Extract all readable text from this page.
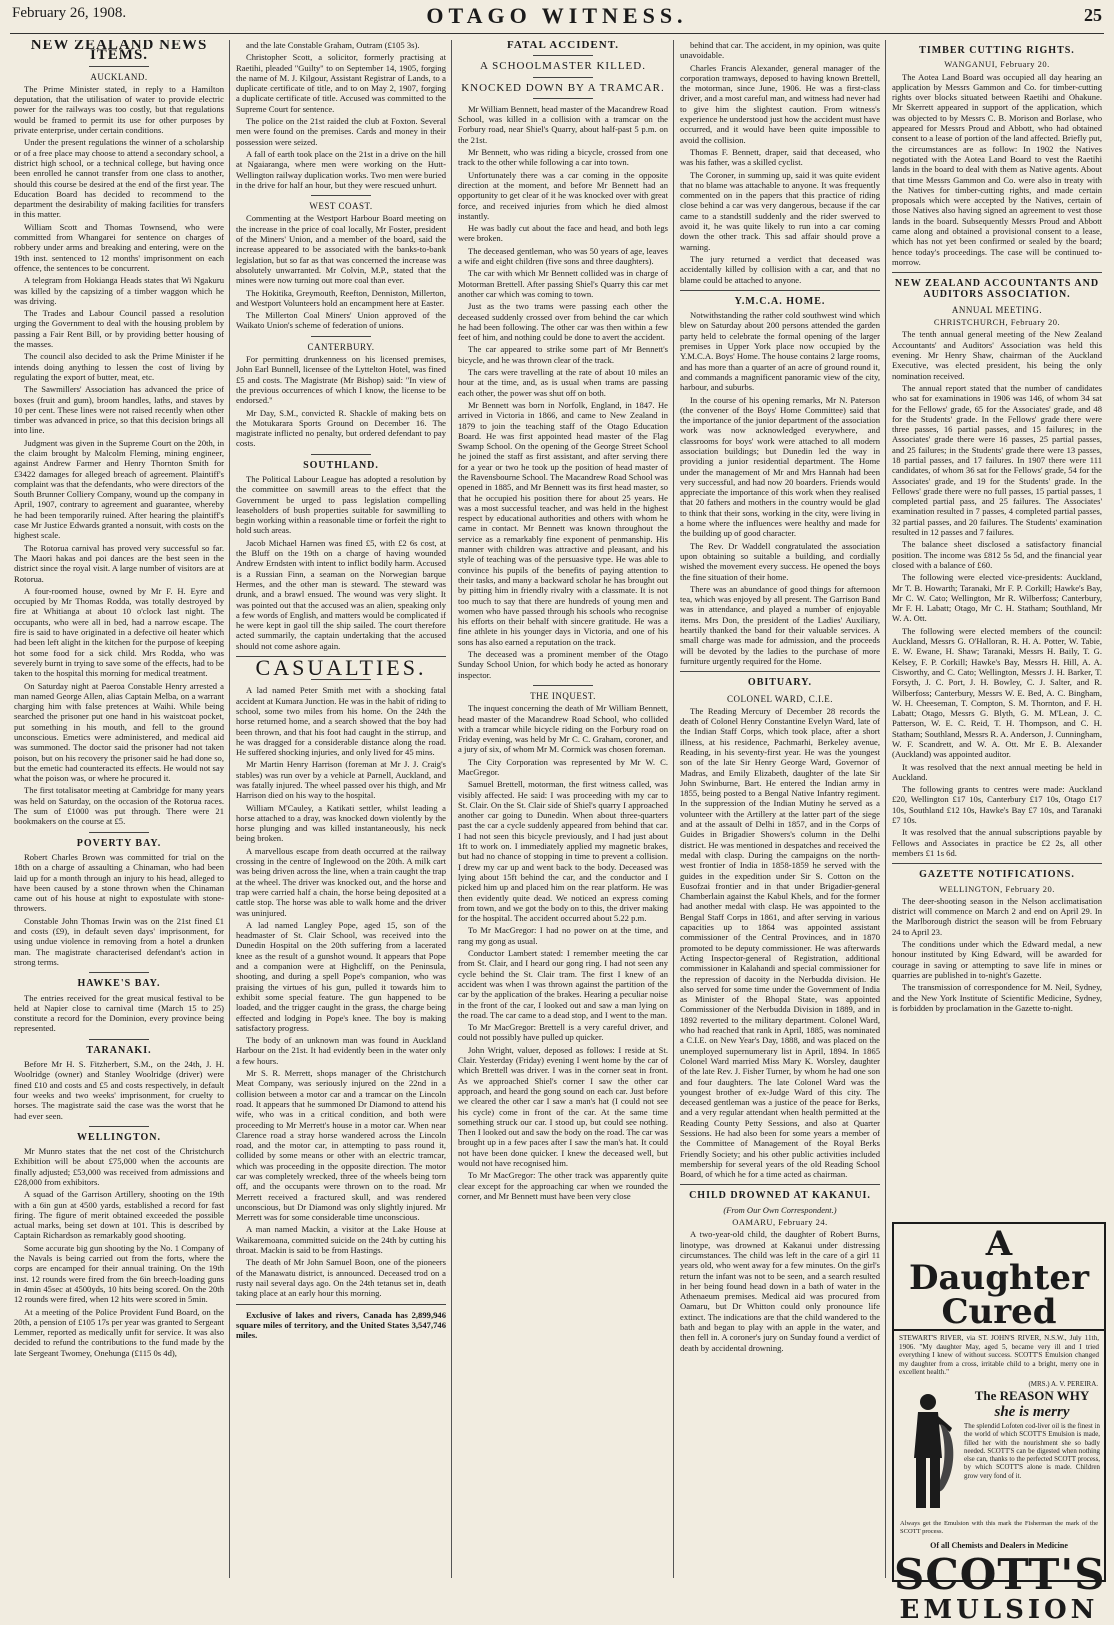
February 26, 1908.	OTAGO WITNESS.	25
NEW ZEALAND NEWS ITEMS.
AUCKLAND.

The Prime Minister stated, in reply to a Hamilton deputation, that the utilisation of water to provide electric power for the railways was too costly, but that regulations would be framed to permit its use for other purposes by private enterprise, under certain conditions.

Under the present regulations the winner of a scholarship or of a free place may choose to attend a secondary school, a district high school, or a technical college, but having once been enrolled he cannot transfer from one class to another, should this course be desired at the end of the first year. The Education Board has decided to recommend to the department the desirability of making facilities for transfers in this matter.

William Scott and Thomas Townsend, who were committed from Whangarei for sentence on charges of robbery under arms and breaking and entering, were on the 19th inst. sentenced to 12 months' imprisonment on each offence, the sentences to be concurrent.

A telegram from Hokianga Heads states that Wi Ngakuru was killed by the capsizing of a timber waggon which he was driving.

The Trades and Labour Council passed a resolution urging the Government to deal with the housing problem by passing a Fair Rent Bill, or by providing better housing of the masses.

The council also decided to ask the Prime Minister if he intends doing anything to lessen the cost of living by regulating the export of butter, meat, etc.

The Sawmillers' Association has advanced the price of boxes (fruit and gum), broom handles, laths, and staves by 10 per cent. These lines were not raised recently when other timber was advanced in price, so that this decision brings all into line.

Judgment was given in the Supreme Court on the 20th, in the claim brought by Malcolm Fleming, mining engineer, against Andrew Farmer and Henry Thornton Smith for £3422 damages for alleged breach of agreement. Plaintiff's complaint was that the defendants, who were directors of the South Brunner Colliery Company, wound up the company in April, 1907, contrary to agreement and guarantee, whereby he had been temporarily ruined. After hearing the plaintiff's case Mr Justice Edwards granted a nonsuit, with costs on the highest scale.

The Rotorua carnival has proved very successful so far. The Maori hakas and poi dances are the best seen in the district since the royal visit. A large number of visitors are at Rotorua.

A four-roomed house, owned by Mr F. H. Eyre and occupied by Mr Thomas Rodda, was totally destroyed by fire at Whitianga at about 10 o'clock last night. The occupants, who were all in bed, had a narrow escape. The fire is said to have originated in a defective oil heater which had been left alight in the kitchen for the purpose of keeping hot some food for a sick child. Mrs Rodda, who was severely burnt in trying to save some of the effects, had to be taken to the hospital this morning for medical treatment.

On Saturday night at Paeroa Constable Henry arrested a man named George Allen, alias Captain Melba, on a warrant charging him with false pretences at Waihi. While being searched the prisoner put one hand in his waistcoat pocket, put something in his mouth, and fell to the ground unconscious. Emetics were administered, and medical aid was summoned. The doctor said the prisoner had not taken poison, but on his recovery the prisoner said he had done so, but the emetic had counteracted its effects. He would not say what the poison was, or where he procured it.

The first totalisator meeting at Cambridge for many years was held on Saturday, on the occasion of the Rotorua races. The sum of £1000 was put through. There were 21 bookmakers on the course at £5.

POVERTY BAY.

Robert Charles Brown was committed for trial on the 18th on a charge of assaulting a Chinaman, who had been laid up for a month through an injury to his head, alleged to have been caused by a stone thrown when the Chinaman came out of his house at night to expostulate with stone-throwers.

Constable John Thomas Irwin was on the 21st fined £1 and costs (£9), in default seven days' imprisonment, for using undue violence in removing from a hotel a drunken man. The magistrate characterised defendant's action in strong terms.

HAWKE'S BAY.

The entries received for the great musical festival to be held at Napier close to carnival time (March 15 to 25) constitute a record for the Dominion, every province being represented.

TARANAKI.

Before Mr H. S. Fitzherbert, S.M., on the 24th, J. H. Woolridge (owner) and Stanley Woolridge (driver) were fined £10 and costs and £5 and costs respectively, in default four weeks and two weeks' imprisonment, for cruelty to horses. The magistrate said the case was the worst that he had ever seen.

WELLINGTON.

Mr Munro states that the net cost of the Christchurch Exhibition will be about £75,000 when the accounts are finally adjusted; £53,000 was received from admissions and £28,000 from exhibitors.

A squad of the Garrison Artillery, shooting on the 19th with a 6in gun at 4500 yards, established a record for fast firing. The figure of merit obtained exceeded the possible actual marks, being set down at 101. This is described by Captain Richardson as remarkably good shooting.

Some accurate big gun shooting by the No. 1 Company of the Navals is being carried out from the forts, where the corps are encamped for their annual training. On the 19th inst. 12 rounds were fired from the 6in breech-loading guns in 4min 45sec at 4500yds, 10 hits being scored. On the 20th 12 rounds were fired, when 12 hits were scored in 5min.

At a meeting of the Police Provident Fund Board, on the 20th, a pension of £105 17s per year was granted to Sergeant Lemmer, reported as medically unfit for service. It was also decided to refund the contributions to the fund made by the late Sergeant Twomey, Onehunga (£115 0s 4d),

and the late Constable Graham, Outram (£105 3s).

Christopher Scott, a solicitor, formerly practising at Raetihi, pleaded "Guilty" to on September 14, 1905, forging the name of M. J. Kilgour, Assistant Registrar of Lands, to a duplicate certificate of title, and to on May 2, 1907, forging a duplicate certificate of title. Accused was committed to the Supreme Court for sentence.

The police on the 21st raided the club at Foxton. Several men were found on the premises. Cards and money in their possession were seized.

A fall of earth took place on the 21st in a drive on the hill at Ngaiaranga, where men were working on the Hutt-Wellington railway duplication works. Two men were buried in the drive for half an hour, but they were rescued unhurt.

WEST COAST.

Commenting at the Westport Harbour Board meeting on the increase in the price of coal locally, Mr Foster, president of the Miners' Union, and a member of the board, said the increase appeared to be associated with the banks-to-bank legislation, but so far as that was concerned the increase was absolutely unwarranted. Mr Colvin, M.P., stated that the mines were now turning out more coal than ever.

The Hokitika, Greymouth, Reefton, Denniston, Millerton, and Westport Volunteers hold an encampment here at Easter.

The Millerton Coal Miners' Union approved of the Waikato Union's scheme of federation of unions.

CANTERBURY.

For permitting drunkenness on his licensed premises, John Earl Bunnell, licensee of the Lyttelton Hotel, was fined £5 and costs. The Magistrate (Mr Bishop) said: "In view of the previous occurrences of which I know, the license to be endorsed."

Mr Day, S.M., convicted R. Shackle of making bets on the Motukarara Sports Ground on December 16. The magistrate inflicted no penalty, but ordered defendant to pay costs.

SOUTHLAND.

The Political Labour League has adopted a resolution by the committee on sawmill areas to the effect that the Government be urged to pass legislation compelling leaseholders of bush properties suitable for sawmilling to begin working within a reasonable time or forfeit the right to hold such areas.

Jacob Michael Harnen was fined £5, with £2 6s cost, at the Bluff on the 19th on a charge of having wounded Andrew Erndsten with intent to inflict bodily harm. Accused is a Russian Finn, a seaman on the Norwegian barque Hermes, and the other man is steward. The steward was drunk, and a brawl ensued. The wound was very slight. It was pointed out that the accused was an alien, speaking only a few words of English, and matters would be complicated if he were kept in gaol till the ship sailed. The court therefore acted summarily, the captain undertaking that the accused should not come ashore again.

CASUALTIES.

A lad named Peter Smith met with a shocking fatal accident at Kumara Junction. He was in the habit of riding to school, some two miles from his home. On the 24th the horse returned home, and a search showed that the boy had been thrown, and that his foot had caught in the stirrup, and he was dragged for a considerable distance along the road. He suffered shocking injuries, and only lived for 45 mins.

Mr Martin Henry Harrison (foreman at Mr J. J. Craig's stables) was run over by a vehicle at Parnell, Auckland, and was fatally injured. The wheel passed over his thigh, and Mr Harrison died on his way to the hospital.

William M'Cauley, a Katikati settler, whilst leading a horse attached to a dray, was knocked down violently by the horse plunging and was killed instantaneously, his neck being broken.

A marvellous escape from death occurred at the railway crossing in the centre of Inglewood on the 20th. A milk cart was being driven across the line, when a train caught the trap at the wheel. The driver was knocked out, and the horse and trap were carried half a chain, the horse being deposited at a cattle stop. The horse was able to walk home and the driver was uninjured.

A lad named Langley Pope, aged 15, son of the headmaster of St. Clair School, was received into the Dunedin Hospital on the 20th suffering from a lacerated knee as the result of a gunshot wound. It appears that Pope and a companion were at Highcliff, on the Peninsula, shooting, and during a spell Pope's companion, who was praising the virtues of his gun, pulled it towards him to exhibit some special feature. The gun happened to be loaded, and the trigger caught in the grass, the charge being effected and lodging in Pope's knee. The boy is making satisfactory progress.

The body of an unknown man was found in Auckland Harbour on the 21st. It had evidently been in the water only a few hours.

Mr S. R. Merrett, shops manager of the Christchurch Meat Company, was seriously injured on the 22nd in a collision between a motor car and a tramcar on the Lincoln road. It appears that he summoned Dr Diamond to attend his wife, who was in a critical condition, and both were proceeding to Mr Merrett's house in a motor car. When near Clarence road a stray horse wandered across the Lincoln road, and the motor car, in attempting to pass round it, collided by some means or other with an electric tramcar, which was proceeding in the opposite direction. The motor car was completely wrecked, three of the wheels being torn off, and the occupants were thrown on to the road. Mr Merrett received a fractured skull, and was rendered unconscious, but Dr Diamond was only slightly injured. Mr Merrett was for some considerable time unconscious.

A man named Mackin, a visitor at the Lake House at Waikaremoana, committed suicide on the 24th by cutting his throat. Mackin is said to be from Hastings.

The death of Mr John Samuel Boon, one of the pioneers of the Manawatu district, is announced. Deceased trod on a rusty nail several days ago. On the 24th tetanus set in, death taking place at an early hour this morning.

Exclusive of lakes and rivers, Canada has 2,899,946 square miles of territory, and the United States 3,547,746 miles.

FATAL ACCIDENT.
A SCHOOLMASTER KILLED.
KNOCKED DOWN BY A TRAMCAR.

Mr William Bennett, head master of the Macandrew Road School, was killed in a collision with a tramcar on the Forbury road, near Shiel's Quarry, about half-past 5 p.m. on the 21st.

Mr Bennett, who was riding a bicycle, crossed from one track to the other while following a car into town.

Unfortunately there was a car coming in the opposite direction at the moment, and before Mr Bennett had an opportunity to get clear of it he was knocked over with great force, and received injuries from which he died almost instantly.

He was badly cut about the face and head, and both legs were broken.

The deceased gentleman, who was 50 years of age, leaves a wife and eight children (five sons and three daughters).

The car with which Mr Bennett collided was in charge of Motorman Brettell. After passing Shiel's Quarry this car met another car which was coming to town.

Just as the two trams were passing each other the deceased suddenly crossed over from behind the car which he had been following. The other car was then within a few feet of him, and nothing could be done to avert the accident.

The car appeared to strike some part of Mr Bennett's bicycle, and he was thrown clear of the track.

The cars were travelling at the rate of about 10 miles an hour at the time, and, as is usual when trams are passing each other, the power was shut off on both.

Mr Bennett was born in Norfolk, England, in 1847. He arrived in Victoria in 1866, and came to New Zealand in 1879 to join the teaching staff of the Otago Education Board. He was first appointed head master of the Flag Swamp School. On the opening of the George Street School he joined the staff as first assistant, and after serving there for a year or two he took up the position of head master of the Ravensbourne School. The Macandrew Road School was opened in 1885, and Mr Bennett was its first head master, so that he occupied his position there for about 25 years. He was a most successful teacher, and was held in the highest respect by educational authorities and others with whom he came in contact. Mr Bennett was known throughout the service as a remarkably fine exponent of penmanship. His manner with children was attractive and pleasant, and his style of teaching was of the persuasive type. He was able to convince his pupils of the benefits of paying attention to their tasks, and many a backward scholar he has brought out by pitting him in friendly rivalry with a classmate. It is not too much to say that there are hundreds of young men and women who have passed through his schools who recognise his efforts on their behalf with sincere gratitude. He was a fine athlete in his younger days in Victoria, and one of his sons has also earned a reputation on the track.

The deceased was a prominent member of the Otago Sunday School Union, for which body he acted as honorary inspector.

THE INQUEST.

The inquest concerning the death of Mr William Bennett, head master of the Macandrew Road School, who collided with a tramcar while bicycle riding on the Forbury road on Friday evening, was held by Mr C. C. Graham, coroner, and a jury of six, of whom Mr M. Cormick was chosen foreman.

The City Corporation was represented by Mr W. C. MacGregor.

Samuel Brettell, motorman, the first witness called, was visibly affected. He said: I was proceeding with my car to St. Clair. On the St. Clair side of Shiel's quarry I approached another car going to Dunedin. When about three-quarters past the car a cycle suddenly appeared from behind that car. I had not seen this bicycle previously, and I had just about 1ft to work on. I immediately applied my magnetic brakes, but had no chance of stopping in time to prevent a collision. I drew my car up and went back to the body. Deceased was lying about 15ft behind the car, and the conductor and I picked him up and placed him on the rear platform. He was then evidently quite dead. We noticed an express coming from town, and we got the body on to this, the driver making for the hospital. The accident occurred about 5.22 p.m.

To Mr MacGregor: I had no power on at the time, and rang my gong as usual.

Conductor Lambert stated: I remember meeting the car from St. Clair, and I heard our gong ring. I had not seen any cycle behind the St. Clair tram. The first I knew of an accident was when I was thrown against the partition of the car by the application of the brakes. Hearing a peculiar noise in the front of the car, I looked out and saw a man lying on the road. The car came to a dead stop, and I went to the man.

To Mr MacGregor: Brettell is a very careful driver, and could not possibly have pulled up quicker.

John Wright, valuer, deposed as follows: I reside at St. Clair. Yesterday (Friday) evening I went home by the car of which Brettell was driver. I was in the corner seat in front. As we approached Shiel's corner I saw the other car approach, and heard the gong sound on each car. Just before we cleared the other car I saw a man's hat (I could not see his cycle) come in front of the car. At the same time something struck our car. I stood up, but could see nothing. Then I looked out and saw the body on the road. The car was brought up in a few paces after I saw the man's hat. It could not have been done quicker. I knew the deceased well, but would not have recognised him.

To Mr MacGregor: The other track was apparently quite clear except for the approaching car when we rounded the corner, and Mr Bennett must have been very close

behind that car. The accident, in my opinion, was quite unavoidable.

Charles Francis Alexander, general manager of the corporation tramways, deposed to having known Brettell, the motorman, since June, 1906. He was a first-class driver, and a most careful man, and witness had never had to give him the slightest caution. From witness's experience he understood just how the accident must have occurred, and it would have been quite impossible to avoid the collision.

Thomas F. Bennett, draper, said that deceased, who was his father, was a skilled cyclist.

The Coroner, in summing up, said it was quite evident that no blame was attachable to anyone. It was frequently commented on in the papers that this practice of riding close behind a car was very dangerous, because if the car came to a standstill suddenly and the rider swerved to avoid it, he was quite likely to run into a car coming down the other track. This sad affair should prove a warning.

The jury returned a verdict that deceased was accidentally killed by collision with a car, and that no blame could be attached to anyone.

Y.M.C.A. HOME.

Notwithstanding the rather cold southwest wind which blew on Saturday about 200 persons attended the garden party held to celebrate the formal opening of the larger premises in Upper York place now occupied by the Y.M.C.A. Boys' Home. The house contains 2 large rooms, and has more than a quarter of an acre of ground round it, and commands a magnificent panoramic view of the city, harbour, and suburbs.

In the course of his opening remarks, Mr N. Paterson (the convener of the Boys' Home Committee) said that the importance of the junior department of the association work was now acknowledged everywhere, and classrooms for boys' work were attached to all modern association buildings; but Dunedin led the way in providing a junior residential department. The Home under the management of Mr and Mrs Hannah had been very successful, and had now 20 boarders. Friends would appreciate the importance of this work when they realised that 20 fathers and mothers in the country would be glad to think that their sons, working in the city, were living in a home where the influences were healthy and made for the building up of good character.

The Rev. Dr Waddell congratulated the association upon obtaining so suitable a building, and cordially wished the movement every success. He opened the boys the fine situation of their home.

There was an abundance of good things for afternoon tea, which was enjoyed by all present. The Garrison Band was in attendance, and played a number of enjoyable items. Mrs Don, the president of the Ladies' Auxiliary, heartily thanked the band for their valuable services. A small charge was made for admission, and the proceeds will be devoted by the ladies to the purchase of more furniture urgently required for the Home.

OBITUARY.
COLONEL WARD, C.I.E.

The Reading Mercury of December 28 records the death of Colonel Henry Constantine Evelyn Ward, late of the Indian Staff Corps, which took place, after a short illness, at his residence, Pachmarhi, Berkeley avenue, Reading, in his seventy-first year. He was the youngest son of the late Sir Henry George Ward, Governor of Madras, and Emily Elizabeth, daughter of the late Sir John Swinburne, Bart. He entered the Indian army in 1855, being posted to a Bengal Native Infantry regiment. In the suppression of the Indian Mutiny he served as a volunteer with the Artillery at the latter part of the siege and at the assault of Delhi in 1857, and in the Corps of Guides in Brigadier Showers's column in the Delhi district. He was mentioned in despatches and received the medal with clasp. During the campaigns on the north-west frontier of India in 1858-1859 he served with the guides in the expedition under Sir S. Cotton on the Eusofzai frontier and in that under Brigadier-general Chamberlain against the Kabul Khels, and for the former had another medal with clasp. He was appointed to the Bengal Staff Corps in 1861, and after serving in various capacities up to 1864 was appointed assistant commissioner of the Central Provinces, and in 1870 promoted to be deputy commissioner. He was afterwards Acting Inspector-general of Registration, additional commissioner in Kalahandi and special commissioner for the repression of dacoity in the Nerbudda division. He also served for some time under the Government of India as Minister of the Bhopal State, was appointed Commissioner of the Nerbudda Division in 1889, and in 1892 reverted to the military department. Colonel Ward, who had reached that rank in April, 1885, was nominated a C.I.E. on New Year's Day, 1888, and was placed on the unemployed supernumerary list in April, 1894. In 1865 Colonel Ward married Miss Mary K. Worsley, daughter of the late Rev. J. Fisher Turner, by whom he had one son and four daughters. The late Colonel Ward was the youngest brother of ex-Judge Ward of this city. The deceased gentleman was a justice of the peace for Berks, and a very regular attendant when health permitted at the Reading County Petty Sessions, and also at Quarter Sessions. He had also been for some years a member of the Committee of Management of the Royal Berks Friendly Society; and his other public activities included membership for several years of the old Reading School Board, of which he for a time acted as chairman.

CHILD DROWNED AT KAKANUI.
(From Our Own Correspondent.)
OAMARU, February 24.

A two-year-old child, the daughter of Robert Burns, linotype, was drowned at Kakanui under distressing circumstances. The child was left in the care of a girl 11 years old, who went away for a few minutes. On the girl's return the infant was not to be seen, and a search resulted in her being found head down in a bath of water in the Athenaeum premises. Medical aid was procured from Oamaru, but Dr Whitton could only pronounce life extinct. The indications are that the child wandered to the bath and began to play with an apple in the water, and then fell in. A coroner's jury on Sunday found a verdict of death by accidental drowning.

TIMBER CUTTING RIGHTS.
WANGANUI, February 20.

The Aotea Land Board was occupied all day hearing an application by Messrs Gammon and Co. for timber-cutting rights over blocks situated between Raetihi and Ohakune. Mr Skerrett appeared in support of the application, which was objected to by Messrs C. B. Morison and Borlase, who appeared for Messrs Proud and Abbott, who had obtained consent to a lease of portion of the land affected. Briefly put, the circumstances are as follow: In 1902 the Natives negotiated with the Aotea Land Board to vest the Raetihi lands in the board to deal with them as Native agents. About that time Messrs Gammon and Co. were also in treaty with the Natives for timber-cutting rights, and made certain proposals which were accepted by the Natives, certain of those Natives also having signed an agreement to vest those lands in the board. Subsequently Messrs Proud and Abbott came along and obtained a provisional consent to a lease, which has not yet been confirmed or sealed by the board; hence today's proceedings. The case will be continued to-morrow.

NEW ZEALAND ACCOUNTANTS AND AUDITORS ASSOCIATION.
ANNUAL MEETING.
CHRISTCHURCH, February 20.

The tenth annual general meeting of the New Zealand Accountants' and Auditors' Association was held this evening. Mr Henry Shaw, chairman of the Auckland Executive, was elected president, his being the only nomination received.

The annual report stated that the number of candidates who sat for examinations in 1906 was 146, of whom 34 sat for the Fellows' grade, 65 for the Associates' grade, and 48 for the Students' grade. In the Fellows' grade there were three passes, 16 partial passes, and 15 failures; in the Associates' grade there were 16 passes, 25 partial passes, and 25 failures; in the Students' grade there were 13 passes, 18 partial passes, and 17 failures. In 1907 there were 111 candidates, of whom 36 sat for the Fellows' grade, 54 for the Associates' grade, and 19 for the Students' grade. In the Fellows' grade there were no full passes, 15 partial passes, 1 completed partial pass, and 25 failures. The Associates' examination resulted in 7 passes, 4 completed partial passes, 32 partial passes, and 20 failures. The Students' examination resulted in 12 passes and 7 failures.

The balance sheet disclosed a satisfactory financial position. The income was £812 5s 5d, and the financial year closed with a balance of £60.

The following were elected vice-presidents: Auckland, Mr T. B. Howarth; Taranaki, Mr F. P. Corkill; Hawke's Bay, Mr C. W. Cato; Wellington, Mr R. Wilberfoss; Canterbury, Mr F. H. Labatt; Otago, Mr C. H. Statham; Southland, Mr W. A. Ott.

The following were elected members of the council: Auckland, Messrs G. O'Halloran, R. H. A. Potter, W. Tabie, E. W. Ewane, H. Shaw; Taranaki, Messrs H. Baily, T. G. Kelsey, F. P. Corkill; Hawke's Bay, Messrs H. Hill, A. A. Cisworthy, and C. Cato; Wellington, Messrs J. H. Barker, T. Forsyth, J. C. Port, J. H. Bowley, C. J. Salter, and R. Wilberfoss; Canterbury, Messrs W. E. Bed, A. C. Bingham, W. H. Cheeseman, T. Compton, S. M. Thornton, and F. H. Labatt; Otago, Messrs G. Blyth, G. M. M'Lean, J. C. Patterson, W. E. C. Reid, T. H. Thompson, and C. H. Statham; Southland, Messrs R. A. Anderson, J. Cunningham, W. F. Scandrett, and W. A. Ott. Mr E. B. Alexander (Auckland) was appointed auditor.

It was resolved that the next annual meeting be held in Auckland.

The following grants to centres were made: Auckland £20, Wellington £17 10s, Canterbury £17 10s, Otago £17 10s, Southland £12 10s, Hawke's Bay £7 10s, and Taranaki £7 10s.

It was resolved that the annual subscriptions payable by Fellows and Associates in practice be £2 2s, all other members £1 1s 6d.

GAZETTE NOTIFICATIONS.
WELLINGTON, February 20.

The deer-shooting season in the Nelson acclimatisation district will commence on March 2 and end on April 29. In the Marlborough district the season will be from February 24 to April 23.

The conditions under which the Edward medal, a new honour instituted by King Edward, will be awarded for courage in saving or attempting to save life in mines or quarries are published in to-night's Gazette.

The transmission of correspondence for M. Neil, Sydney, and the New York Institute of Scientific Medicine, Sydney, is forbidden by proclamation in the Gazette to-night.

A Daughter
Cured
STEWART'S RIVER, via ST. JOHN'S RIVER, N.S.W., July 11th, 1906. "My daughter May, aged 5, became very ill and I tried everything I knew of without success. SCOTT'S Emulsion changed my daughter from a cross, irritable child to a bright, merry one in excellent health."
(MRS.) A. V. PEREIRA.
The REASON WHY
she is merry
The splendid Lofoten cod-liver oil is the finest in the world of which SCOTT'S Emulsion is made, filled her with the nourishment she so badly needed. SCOTT'S can be digested when nothing else can, thanks to the perfected SCOTT process, by which SCOTT'S alone is made. Children grow very fond of it.
Always get the Emulsion with this mark the Fisherman the mark of the SCOTT process.
Of all Chemists and Dealers in Medicine
SCOTT'S
EMULSION
